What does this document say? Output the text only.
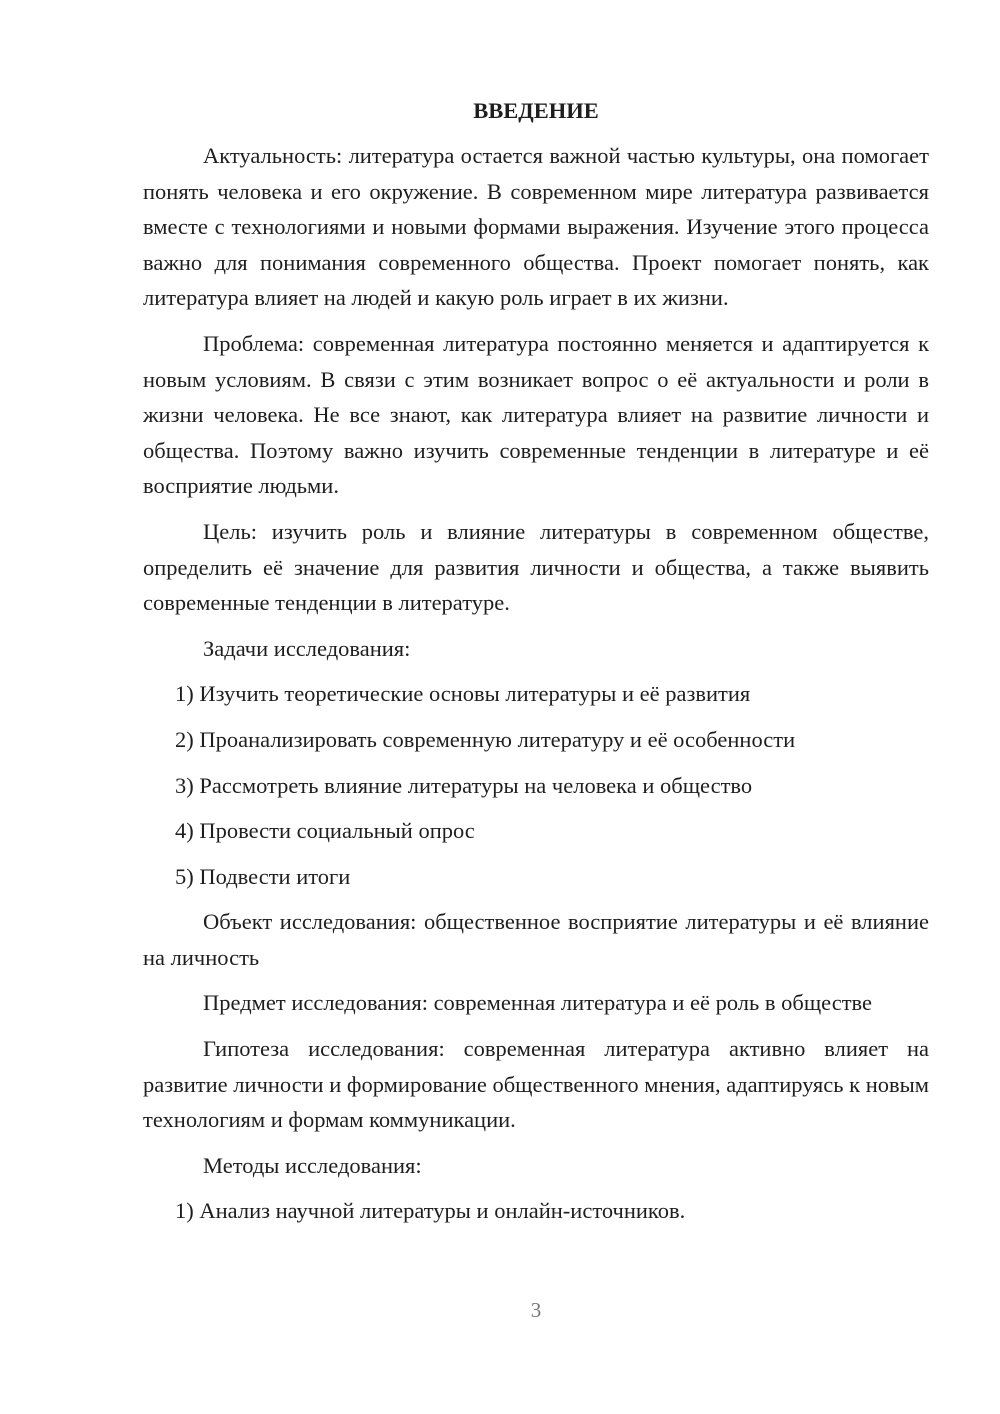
ВВЕДЕНИЕ

Актуальность: литература остается важной частью культуры, она помогает понять человека и его окружение. В современном мире литература развивается вместе с технологиями и новыми формами выражения. Изучение этого процесса важно для понимания современного общества. Проект помогает понять, как литература влияет на людей и какую роль играет в их жизни.

Проблема: современная литература постоянно меняется и адаптируется к новым условиям. В связи с этим возникает вопрос о её актуальности и роли в жизни человека. Не все знают, как литература влияет на развитие личности и общества. Поэтому важно изучить современные тенденции в литературе и её восприятие людьми.

Цель: изучить роль и влияние литературы в современном обществе, определить её значение для развития личности и общества, а также выявить современные тенденции в литературе.

Задачи исследования:

1) Изучить теоретические основы литературы и её развития

2) Проанализировать современную литературу и её особенности

3) Рассмотреть влияние литературы на человека и общество

4) Провести социальный опрос

5) Подвести итоги

Объект исследования: общественное восприятие литературы и её влияние на личность

Предмет исследования: современная литература и её роль в обществе

Гипотеза исследования: современная литература активно влияет на развитие личности и формирование общественного мнения, адаптируясь к новым технологиям и формам коммуникации.

Методы исследования:

1) Анализ научной литературы и онлайн-источников.

3
